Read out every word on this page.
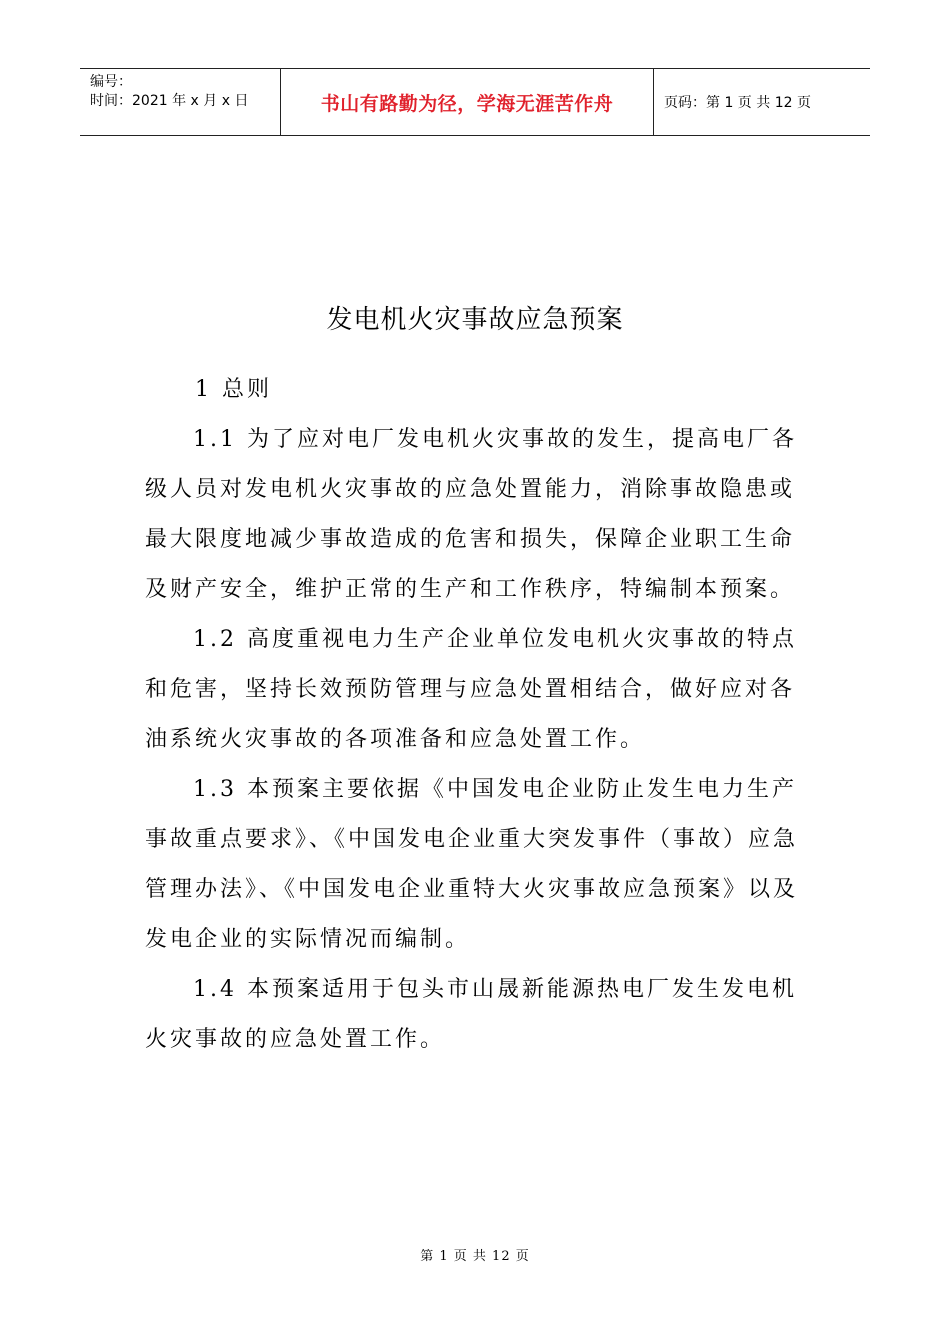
编号：
时间：2021 年 x 月 x 日	书山有路勤为径，学海无涯苦作舟	页码：第 1 页 共 12 页
发电机火灾事故应急预案
1 总则

1.1 为了应对电厂发电机火灾事故的发生，提高电厂各级人员对发电机火灾事故的应急处置能力，消除事故隐患或最大限度地减少事故造成的危害和损失，保障企业职工生命及财产安全，维护正常的生产和工作秩序，特编制本预案。

1.2 高度重视电力生产企业单位发电机火灾事故的特点和危害，坚持长效预防管理与应急处置相结合，做好应对各油系统火灾事故的各项准备和应急处置工作。

1.3 本预案主要依据《中国发电企业防止发生电力生产事故重点要求》、《中国发电企业重大突发事件（事故）应急管理办法》、《中国发电企业重特大火灾事故应急预案》以及发电企业的实际情况而编制。

1.4 本预案适用于包头市山晟新能源热电厂发生发电机火灾事故的应急处置工作。

第 1 页 共 12 页
